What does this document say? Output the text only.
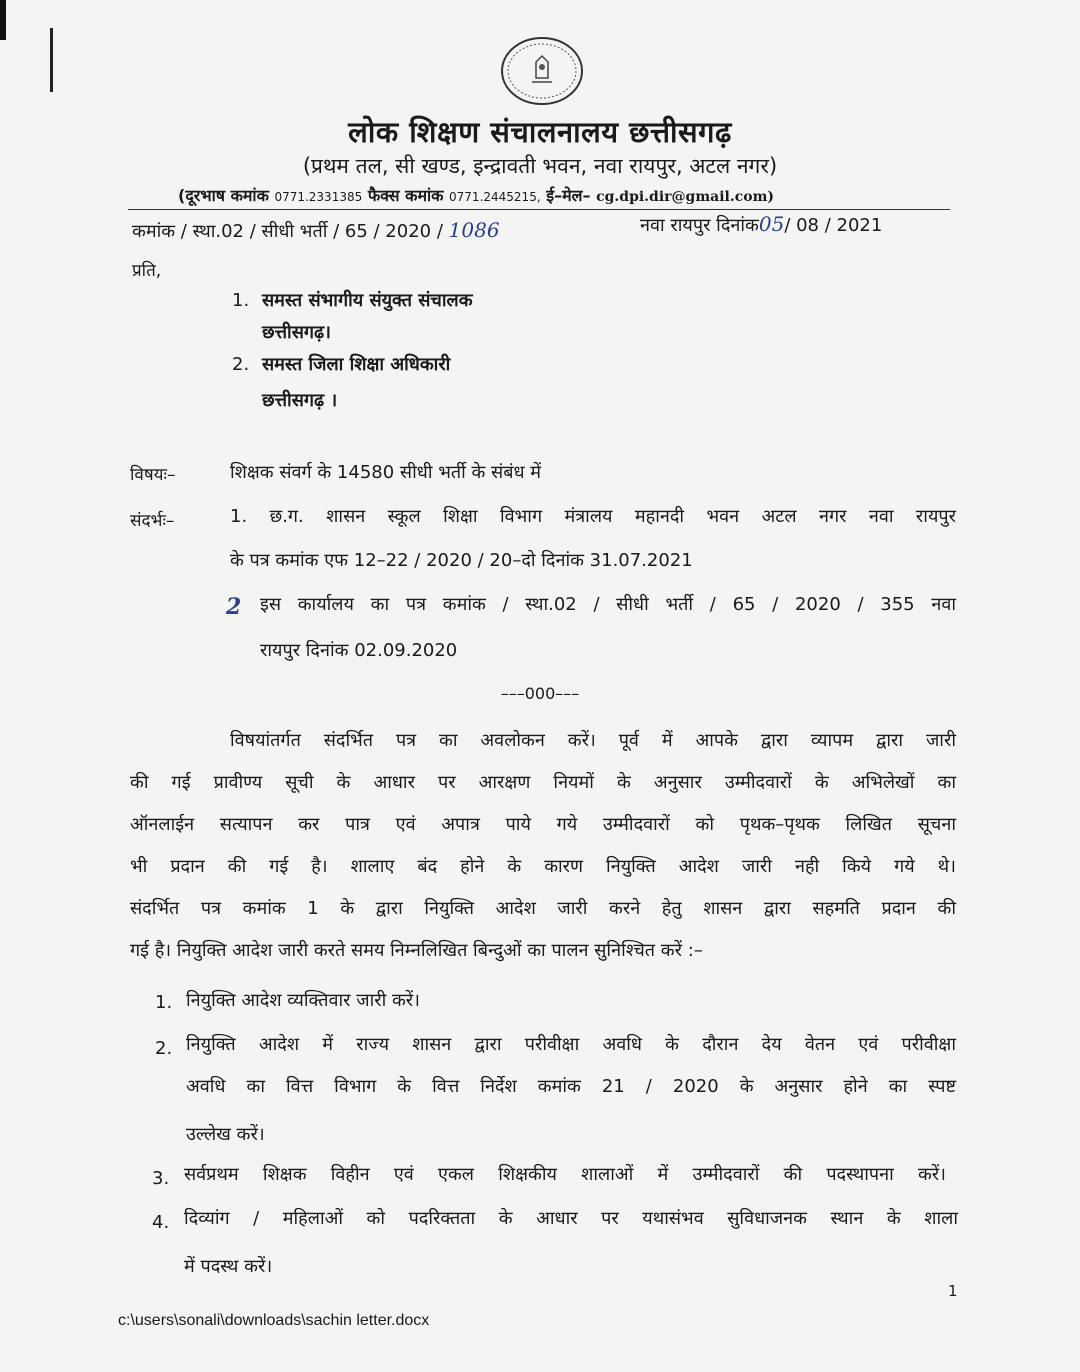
लोक शिक्षण संचालनालय छत्तीसगढ़
(प्रथम तल, सी खण्ड, इन्द्रावती भवन, नवा रायपुर, अटल नगर)
(दूरभाष कमांक 0771.2331385 फैक्स कमांक 0771.2445215, ई–मेल– cg.dpi.dir@gmail.com)
कमांक / स्था.02 / सीधी भर्ती / 65 / 2020 / 1086	नवा रायपुर दिनांक05/ 08 / 2021
प्रति,
1. समस्त संभागीय संयुक्त संचालक
छत्तीसगढ़।
2. समस्त जिला शिक्षा अधिकारी
छत्तीसगढ़ ।
विषयः–	शिक्षक संवर्ग के 14580 सीधी भर्ती के संबंध में
संदर्भः–	1. छ.ग. शासन स्कूल शिक्षा विभाग मंत्रालय महानदी भवन अटल नगर नवा रायपुर
के पत्र कमांक एफ 12–22 / 2020 / 20–दो दिनांक 31.07.2021
2 इस कार्यालय का पत्र कमांक / स्था.02 / सीधी भर्ती / 65 / 2020 / 355 नवा
रायपुर दिनांक 02.09.2020
–––000–––
विषयांतर्गत संदर्भित पत्र का अवलोकन करें। पूर्व में आपके द्वारा व्यापम द्वारा जारी
की गई प्रावीण्य सूची के आधार पर आरक्षण नियमों के अनुसार उम्मीदवारों के अभिलेखों का
ऑनलाईन सत्यापन कर पात्र एवं अपात्र पाये गये उम्मीदवारों को पृथक–पृथक लिखित सूचना
भी प्रदान की गई है। शालाए बंद होने के कारण नियुक्ति आदेश जारी नही किये गये थे।
संदर्भित पत्र कमांक 1 के द्वारा नियुक्ति आदेश जारी करने हेतु शासन द्वारा सहमति प्रदान की
गई है। नियुक्ति आदेश जारी करते समय निम्नलिखित बिन्दुओं का पालन सुनिश्चित करें :–
1. नियुक्ति आदेश व्यक्तिवार जारी करें।
2. नियुक्ति आदेश में राज्य शासन द्वारा परीवीक्षा अवधि के दौरान देय वेतन एवं परीवीक्षा
अवधि का वित्त विभाग के वित्त निर्देश कमांक 21 / 2020 के अनुसार होने का स्पष्ट
उल्लेख करें।
3. सर्वप्रथम शिक्षक विहीन एवं एकल शिक्षकीय शालाओं में उम्मीदवारों की पदस्थापना करें।
4. दिव्यांग / महिलाओं को पदरिक्तता के आधार पर यथासंभव सुविधाजनक स्थान के शाला
में पदस्थ करें।
1
c:\users\sonali\downloads\sachin letter.docx
